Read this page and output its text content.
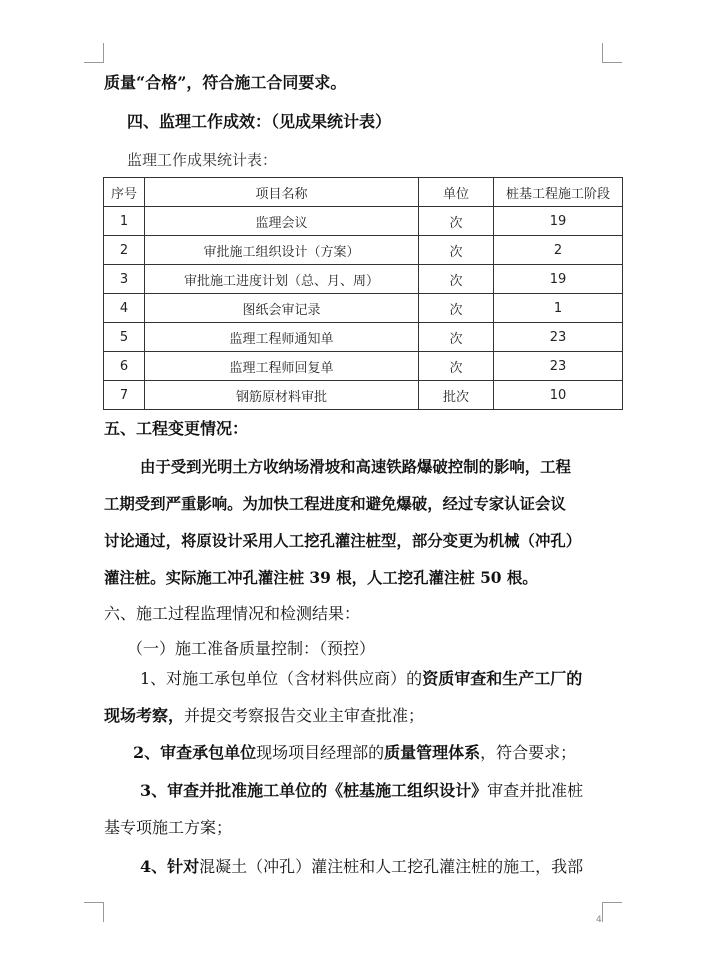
质量“合格”，符合施工合同要求。
四、监理工作成效：（见成果统计表）
监理工作成果统计表：
序号	项目名称	单位	桩基工程施工阶段
1	监理会议	次	19
2	审批施工组织设计（方案）	次	2
3	审批施工进度计划（总、月、周）	次	19
4	图纸会审记录	次	1
5	监理工程师通知单	次	23
6	监理工程师回复单	次	23
7	钢筋原材料审批	批次	10
五、工程变更情况：
由于受到光明土方收纳场滑坡和高速铁路爆破控制的影响，工程
工期受到严重影响。为加快工程进度和避免爆破，经过专家认证会议
讨论通过，将原设计采用人工挖孔灌注桩型，部分变更为机械（冲孔）
灌注桩。实际施工冲孔灌注桩 39 根，人工挖孔灌注桩 50 根。
六、施工过程监理情况和检测结果：
（一）施工准备质量控制：（预控）
1、对施工承包单位（含材料供应商）的资质审查和生产工厂的
现场考察，并提交考察报告交业主审查批准；
2、审查承包单位现场项目经理部的质量管理体系，符合要求；
3、审查并批准施工单位的《桩基施工组织设计》审查并批准桩
基专项施工方案；
4、针对混凝土（冲孔）灌注桩和人工挖孔灌注桩的施工，我部
4
